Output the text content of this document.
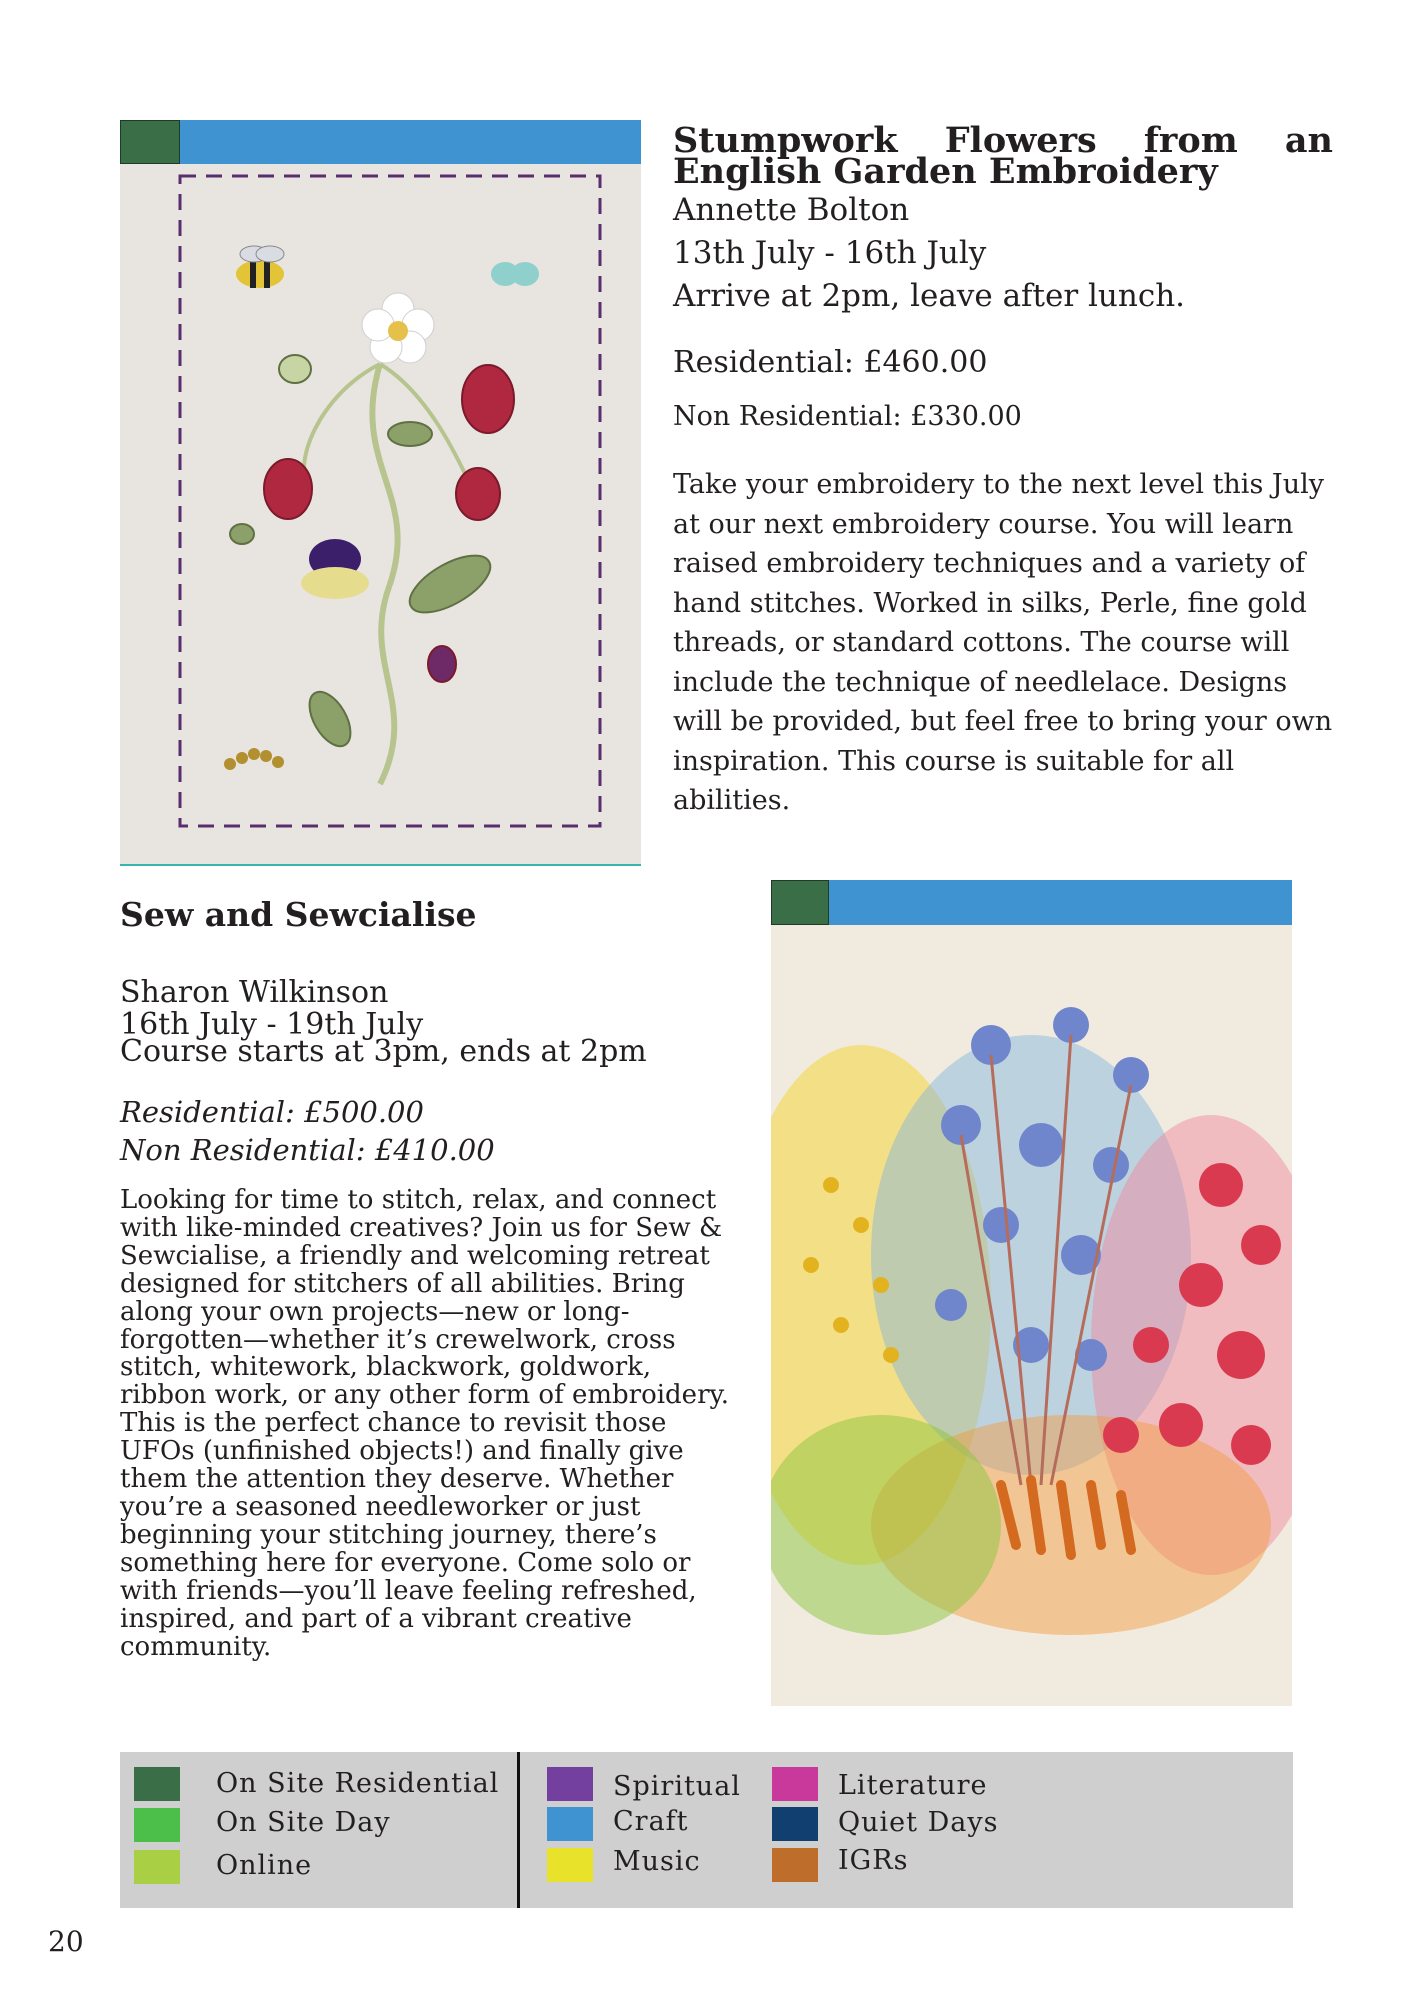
Stumpwork Flowers from an English Garden Embroidery
Annette Bolton
13th July - 16th July
Arrive at 2pm, leave after lunch.
Residential: £460.00
Non Residential: £330.00
Take your embroidery to the next level this July at our next embroidery course. You will learn raised embroidery techniques and a variety of hand stitches. Worked in silks, Perle, fine gold threads, or standard cottons. The course will include the technique of needlelace. Designs will be provided, but feel free to bring your own inspiration. This course is suitable for all abilities.
Sew and Sewcialise
Sharon Wilkinson
16th July - 19th July
Course starts at 3pm, ends at 2pm
Residential: £500.00
Non Residential: £410.00
Looking for time to stitch, relax, and connect with like-minded creatives? Join us for Sew & Sewcialise, a friendly and welcoming retreat designed for stitchers of all abilities. Bring along your own projects—new or long-forgotten—whether it’s crewelwork, cross stitch, whitework, blackwork, goldwork, ribbon work, or any other form of embroidery. This is the perfect chance to revisit those UFOs (unfinished objects!) and finally give them the attention they deserve. Whether you’re a seasoned needleworker or just beginning your stitching journey, there’s something here for everyone. Come solo or with friends—you’ll leave feeling refreshed, inspired, and part of a vibrant creative community.
On Site Residential
On Site Day
Online
Spiritual
Craft
Music
Literature
Quiet Days
IGRs
20
